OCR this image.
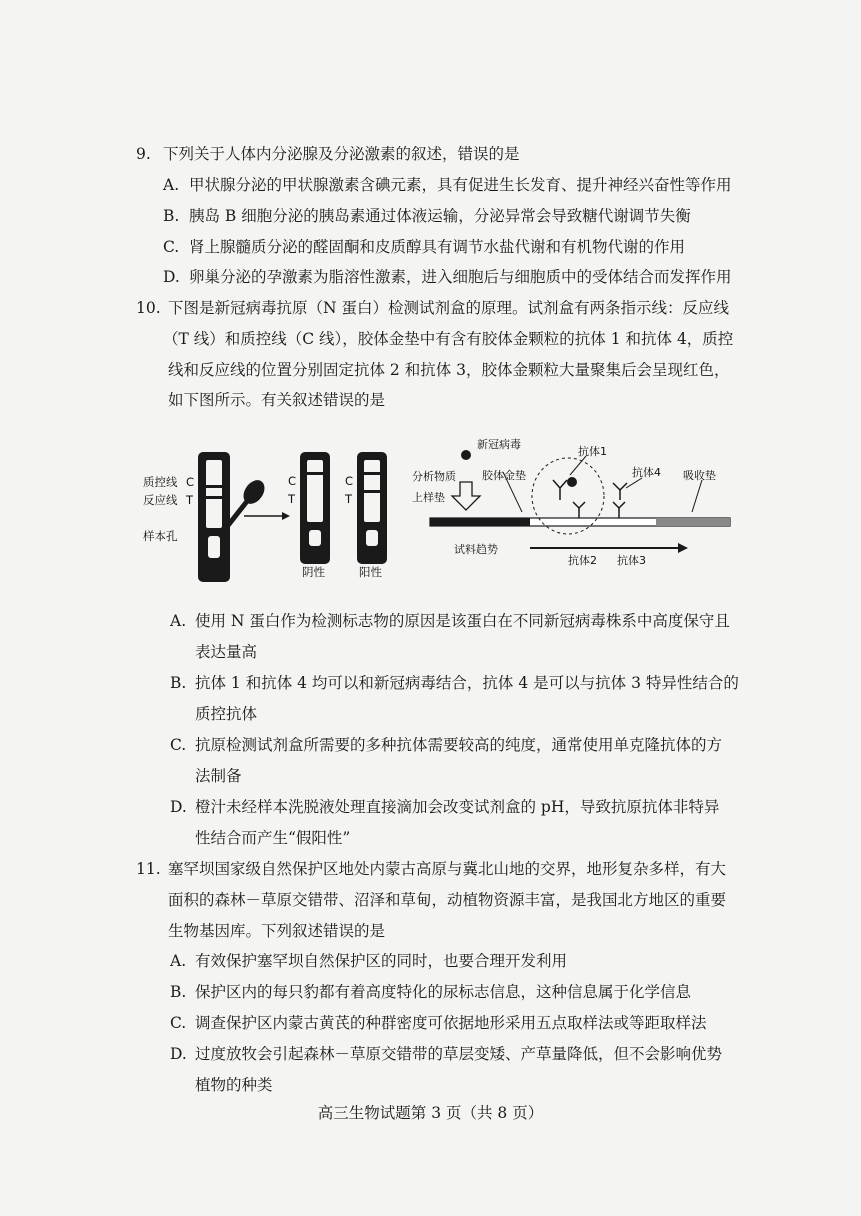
9. 下列关于人体内分泌腺及分泌激素的叙述，错误的是
A. 甲状腺分泌的甲状腺激素含碘元素，具有促进生长发育、提升神经兴奋性等作用
B. 胰岛 B 细胞分泌的胰岛素通过体液运输，分泌异常会导致糖代谢调节失衡
C. 肾上腺髓质分泌的醛固酮和皮质醇具有调节水盐代谢和有机物代谢的作用
D. 卵巢分泌的孕激素为脂溶性激素，进入细胞后与细胞质中的受体结合而发挥作用
10. 下图是新冠病毒抗原（N 蛋白）检测试剂盒的原理。试剂盒有两条指示线：反应线
（T 线）和质控线（C 线），胶体金垫中有含有胶体金颗粒的抗体 1 和抗体 4，质控
线和反应线的位置分别固定抗体 2 和抗体 3，胶体金颗粒大量聚集后会呈现红色，
如下图所示。有关叙述错误的是
质控线 C
反应线 T
样本孔
C
T
阴性
C
T
阳性
新冠病毒
分析物质
上样垫
胶体金垫
抗体1
抗体4 吸收垫
试料趋势
抗体2 抗体3
A. 使用 N 蛋白作为检测标志物的原因是该蛋白在不同新冠病毒株系中高度保守且
表达量高
B. 抗体 1 和抗体 4 均可以和新冠病毒结合，抗体 4 是可以与抗体 3 特异性结合的
质控抗体
C. 抗原检测试剂盒所需要的多种抗体需要较高的纯度，通常使用单克隆抗体的方
法制备
D. 橙汁未经样本洗脱液处理直接滴加会改变试剂盒的 pH，导致抗原抗体非特异
性结合而产生“假阳性”
11. 塞罕坝国家级自然保护区地处内蒙古高原与冀北山地的交界，地形复杂多样，有大
面积的森林－草原交错带、沼泽和草甸，动植物资源丰富，是我国北方地区的重要
生物基因库。下列叙述错误的是
A. 有效保护塞罕坝自然保护区的同时，也要合理开发利用
B. 保护区内的每只豹都有着高度特化的尿标志信息，这种信息属于化学信息
C. 调查保护区内蒙古黄芪的种群密度可依据地形采用五点取样法或等距取样法
D. 过度放牧会引起森林－草原交错带的草层变矮、产草量降低，但不会影响优势
植物的种类
高三生物试题第 3 页（共 8 页）
